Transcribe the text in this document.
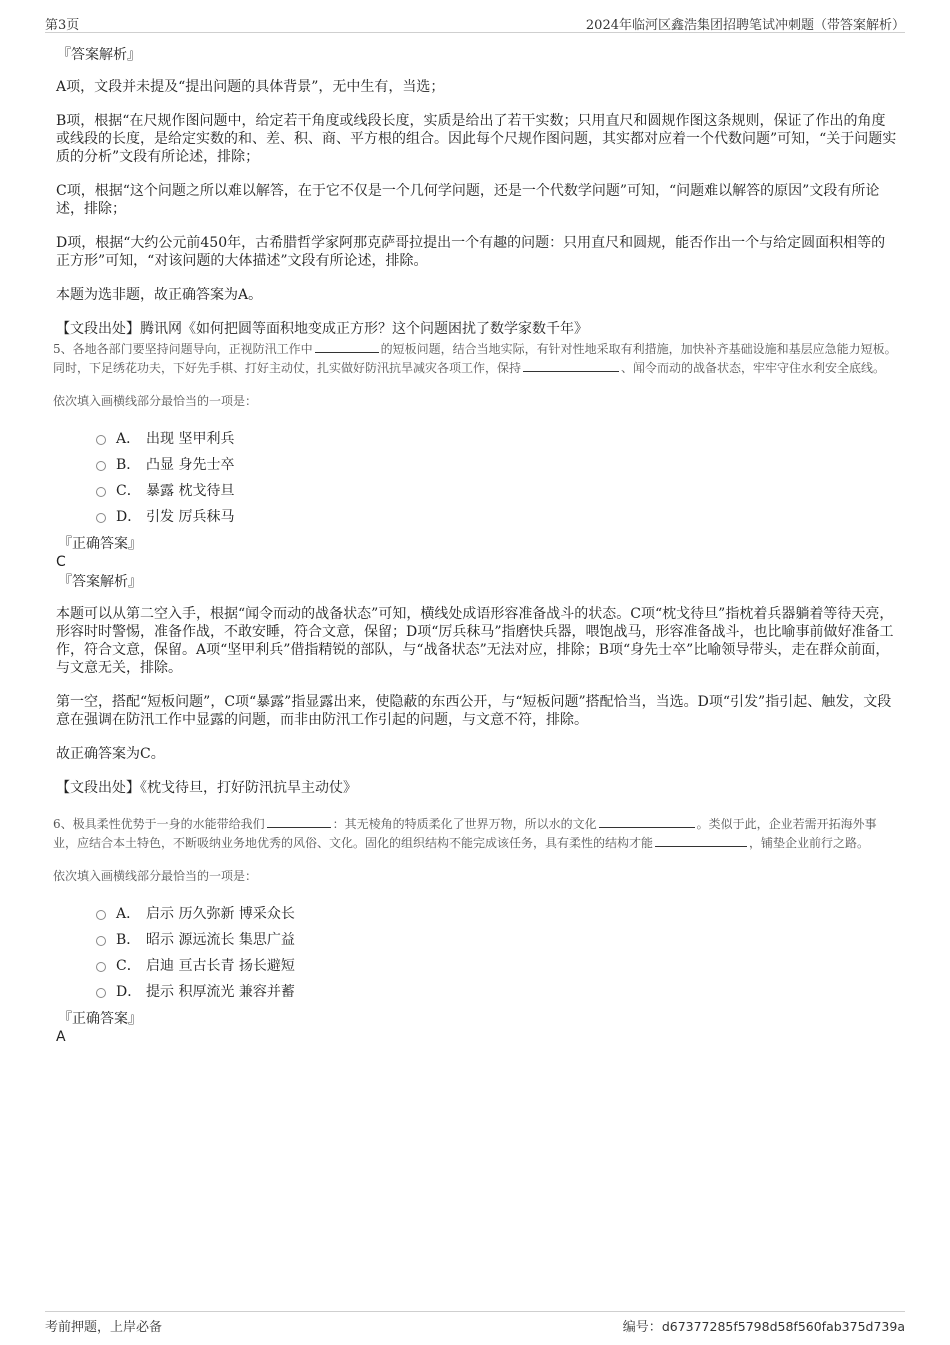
第3页	2024年临河区鑫浩集团招聘笔试冲刺题（带答案解析）
『答案解析』

A项，文段并未提及“提出问题的具体背景”，无中生有，当选；

B项，根据“在尺规作图问题中，给定若干角度或线段长度，实质是给出了若干实数；只用直尺和圆规作图这条规则，保证了作出的角度或线段的长度，是给定实数的和、差、积、商、平方根的组合。因此每个尺规作图问题，其实都对应着一个代数问题”可知，“关于问题实质的分析”文段有所论述，排除；

C项，根据“这个问题之所以难以解答，在于它不仅是一个几何学问题，还是一个代数学问题”可知，“问题难以解答的原因”文段有所论述，排除；

D项，根据“大约公元前450年，古希腊哲学家阿那克萨哥拉提出一个有趣的问题：只用直尺和圆规，能否作出一个与给定圆面积相等的正方形”可知，“对该问题的大体描述”文段有所论述，排除。

本题为选非题，故正确答案为A。

【文段出处】腾讯网《如何把圆等面积地变成正方形？这个问题困扰了数学家数千年》

5、各地各部门要坚持问题导向，正视防汛工作中	的短板问题，结合当地实际，有针对性地采取有利措施，加快补齐基础设施和基层应急能力短板。同时，下足绣花功夫，下好先手棋、打好主动仗，扎实做好防汛抗旱减灾各项工作，保持	、闻令而动的战备状态，牢牢守住水利安全底线。
依次填入画横线部分最恰当的一项是：
A． 出现 坚甲利兵
B． 凸显 身先士卒
C． 暴露 枕戈待旦
D． 引发 厉兵秣马
『正确答案』
C
『答案解析』

本题可以从第二空入手，根据“闻令而动的战备状态”可知，横线处成语形容准备战斗的状态。C项“枕戈待旦”指枕着兵器躺着等待天亮，形容时时警惕，准备作战，不敢安睡，符合文意，保留；D项“厉兵秣马”指磨快兵器，喂饱战马，形容准备战斗，也比喻事前做好准备工作，符合文意，保留。A项“坚甲利兵”借指精锐的部队，与“战备状态”无法对应，排除；B项“身先士卒”比喻领导带头，走在群众前面，与文意无关，排除。

第一空，搭配“短板问题”，C项“暴露”指显露出来，使隐蔽的东西公开，与“短板问题”搭配恰当，当选。D项“引发”指引起、触发，文段意在强调在防汛工作中显露的问题，而非由防汛工作引起的问题，与文意不符，排除。

故正确答案为C。

【文段出处】《枕戈待旦，打好防汛抗旱主动仗》

6、极具柔性优势于一身的水能带给我们	：其无棱角的特质柔化了世界万物，所以水的文化	。类似于此，企业若需开拓海外事业，应结合本土特色，不断吸纳业务地优秀的风俗、文化。固化的组织结构不能完成该任务，具有柔性的结构才能	，铺垫企业前行之路。
依次填入画横线部分最恰当的一项是：
A． 启示 历久弥新 博采众长
B． 昭示 源远流长 集思广益
C． 启迪 亘古长青 扬长避短
D． 提示 积厚流光 兼容并蓄
『正确答案』
A
考前押题，上岸必备	编号：d67377285f5798d58f560fab375d739a
